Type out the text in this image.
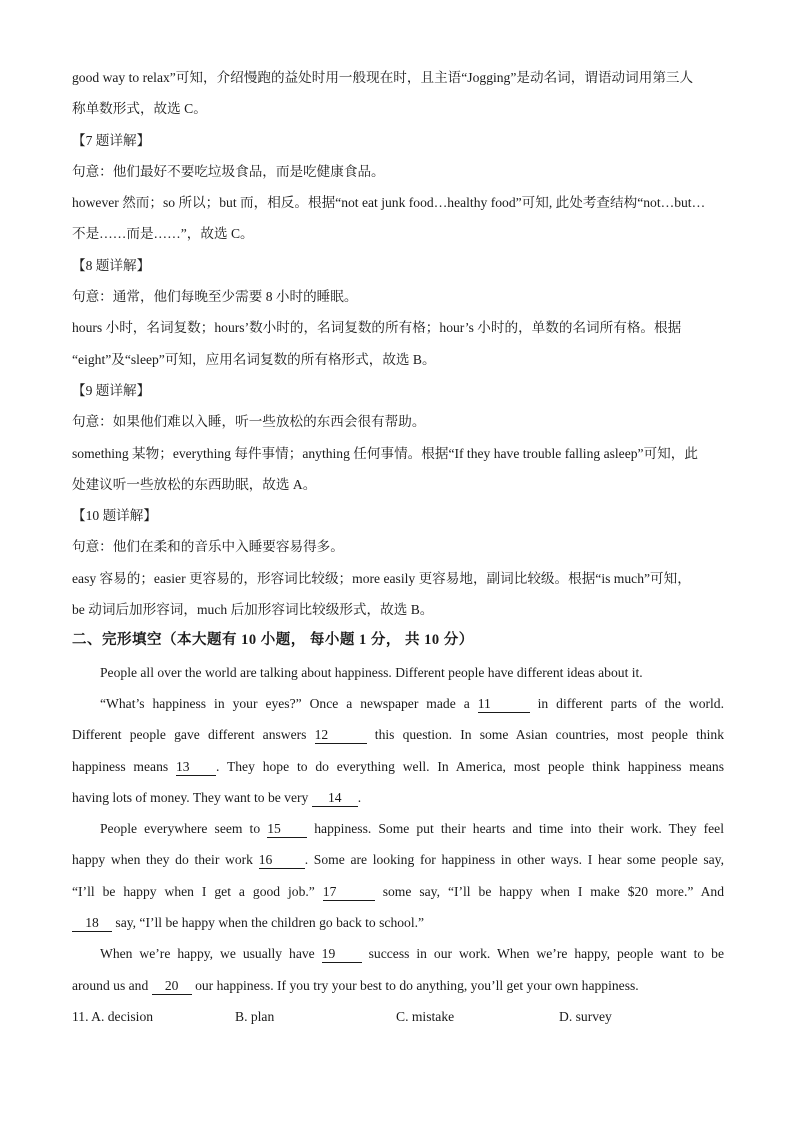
good way to relax”可知，介绍慢跑的益处时用一般现在时，且主语“Jogging”是动名词，谓语动词用第三人
称单数形式，故选 C。
【7 题详解】
句意：他们最好不要吃垃圾食品，而是吃健康食品。
however 然而；so 所以；but 而，相反。根据“not eat junk food…healthy food”可知, 此处考查结构“not…but…
不是……而是……”，故选 C。
【8 题详解】
句意：通常，他们每晚至少需要 8 小时的睡眠。
hours 小时，名词复数；hours’数小时的，名词复数的所有格；hour’s 小时的，单数的名词所有格。根据
“eight”及“sleep”可知，应用名词复数的所有格形式，故选 B。
【9 题详解】
句意：如果他们难以入睡，听一些放松的东西会很有帮助。
something 某物；everything 每件事情；anything 任何事情。根据“If they have trouble falling asleep”可知，此
处建议听一些放松的东西助眠，故选 A。
【10 题详解】
句意：他们在柔和的音乐中入睡要容易得多。
easy 容易的；easier 更容易的，形容词比较级；more easily 更容易地，副词比较级。根据“is much”可知，
be 动词后加形容词，much 后加形容词比较级形式，故选 B。
二、完形填空（本大题有 10 小题， 每小题 1 分， 共 10 分）
People all over the world are talking about happiness. Different people have different ideas about it.
“What’s happiness in your eyes?” Once a newspaper made a 11	in different parts of the world.
Different people gave different answers 12	this question. In some Asian countries, most people think
happiness means 13 . They hope to do everything well. In America, most people think happiness means
having lots of money. They want to be very 14 .
People everywhere seem to 15 happiness. Some put their hearts and time into their work. They feel
happy when they do their work 16 . Some are looking for happiness in other ways. I hear some people say,
“I’ll be happy when I get a good job.” 17	some say, “I’ll be happy when I make $20 more.” And
18 say, “I’ll be happy when the children go back to school.”
When we’re happy, we usually have 19 success in our work. When we’re happy, people want to be
around us and 20 our happiness. If you try your best to do anything, you’ll get your own happiness.
11. A. decision	B. plan	C. mistake	D. survey
